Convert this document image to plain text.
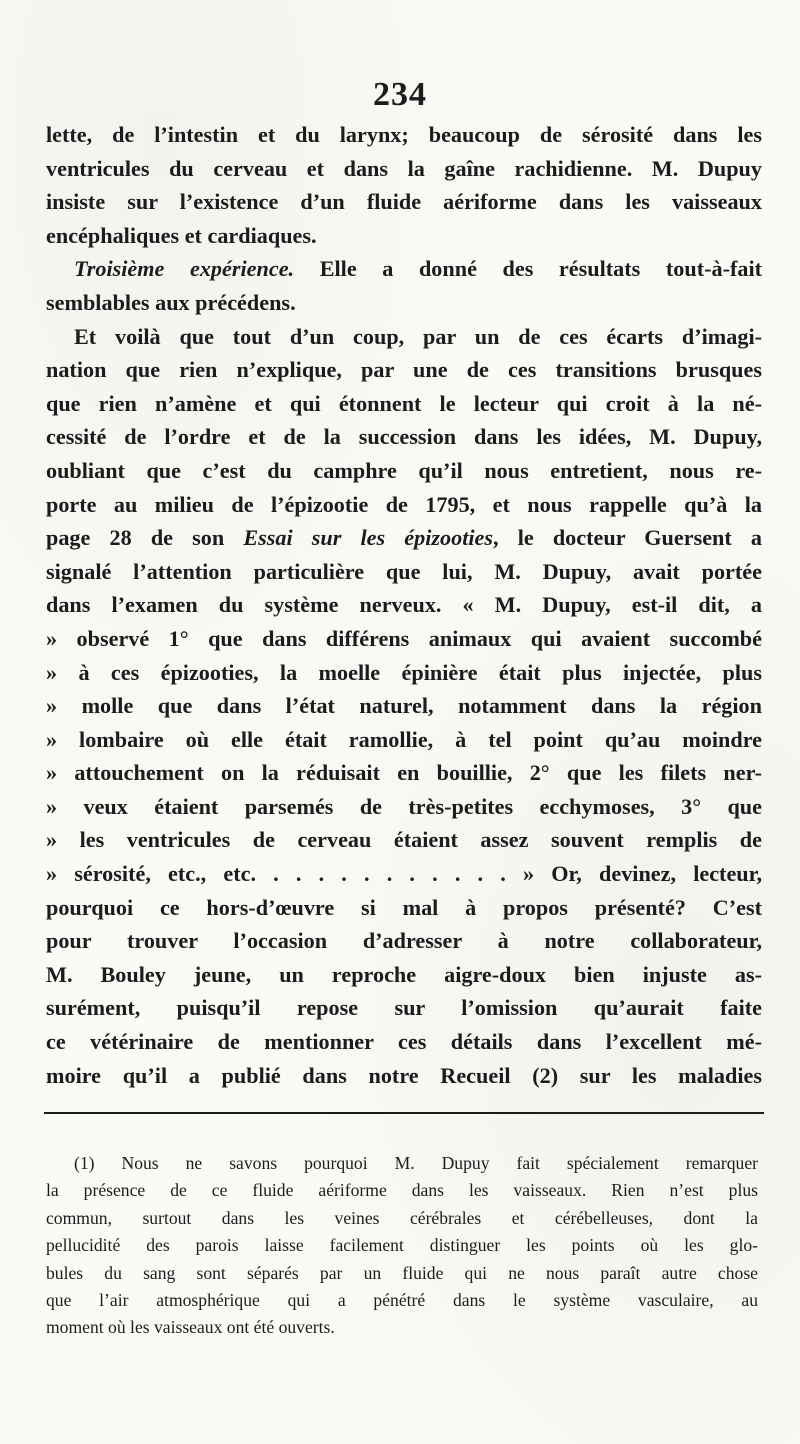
234
lette, de l’intestin et du larynx; beaucoup de sérosité dans les
ventricules du cerveau et dans la gaîne rachidienne. M. Dupuy
insiste sur l’existence d’un fluide aériforme dans les vaisseaux
encéphaliques et cardiaques.
Troisième expérience. Elle a donné des résultats tout-à-fait
semblables aux précédens.
Et voilà que tout d’un coup, par un de ces écarts d’imagi-
nation que rien n’explique, par une de ces transitions brusques
que rien n’amène et qui étonnent le lecteur qui croit à la né-
cessité de l’ordre et de la succession dans les idées, M. Dupuy,
oubliant que c’est du camphre qu’il nous entretient, nous re-
porte au milieu de l’épizootie de 1795, et nous rappelle qu’à la
page 28 de son Essai sur les épizooties, le docteur Guersent a
signalé l’attention particulière que lui, M. Dupuy, avait portée
dans l’examen du système nerveux. « M. Dupuy, est-il dit, a
» observé 1° que dans différens animaux qui avaient succombé
» à ces épizooties, la moelle épinière était plus injectée, plus
» molle que dans l’état naturel, notamment dans la région
» lombaire où elle était ramollie, à tel point qu’au moindre
» attouchement on la réduisait en bouillie, 2° que les filets ner-
» veux étaient parsemés de très-petites ecchymoses, 3° que
» les ventricules de cerveau étaient assez souvent remplis de
» sérosité, etc., etc. . . . . . . . . . . . » Or, devinez, lecteur,
pourquoi ce hors-d’œuvre si mal à propos présenté? C’est
pour trouver l’occasion d’adresser à notre collaborateur,
M. Bouley jeune, un reproche aigre-doux bien injuste as-
surément, puisqu’il repose sur l’omission qu’aurait faite
ce vétérinaire de mentionner ces détails dans l’excellent mé-
moire qu’il a publié dans notre Recueil (2) sur les maladies
(1) Nous ne savons pourquoi M. Dupuy fait spécialement remarquer
la présence de ce fluide aériforme dans les vaisseaux. Rien n’est plus
commun, surtout dans les veines cérébrales et cérébelleuses, dont la
pellucidité des parois laisse facilement distinguer les points où les glo-
bules du sang sont séparés par un fluide qui ne nous paraît autre chose
que l’air atmosphérique qui a pénétré dans le système vasculaire, au
moment où les vaisseaux ont été ouverts.
